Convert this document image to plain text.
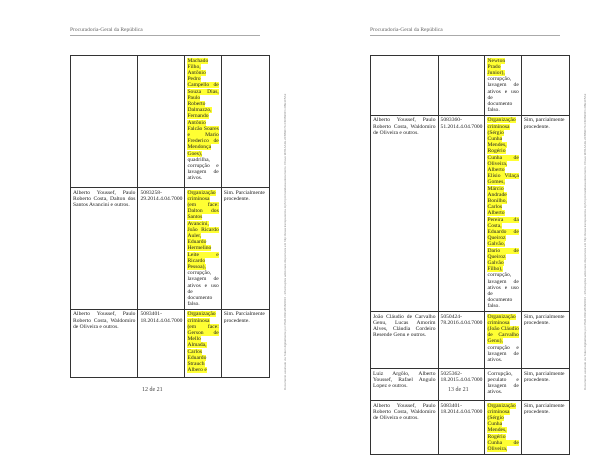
Procuradoria-Geral da República
		Machado Filho, Antônio Pedro Campello de Souza Dias, Paulo Roberto Dalmazzo, Fernando Antônio Falcão Soares e Mario Frederico de Mendonça Goes), quadrilha, corrupção e lavagem de ativos.	
Alberto Youssef, Paulo Roberto Costa, Dalton dos Santos Avancini e outros.	5083258-29.2014.4.04.7000	Organização criminosa (em face: Dalton dos Santos Avancini, João Ricardo Auler, Eduardo Hermelino Leite e Ricardo Pessoa), corrupção, lavagem de ativos e uso de documento falso.	Sim. Parcialmente procedente.
Alberto Youssef, Paulo Roberto Costa, Waldomiro de Oliveira e outros.	5083401-18.2014.4.04.7000	Organização criminosa (em face: Gerson de Mello Almada, Carlos Eduardo Strauch Albero e	Sim. Parcialmente procedente.	Documento assinado via Token digitalmente por PGR-00312838/2016 - Informações adicionais disponíveis em http://www.transparencia.mpf.mp.br/validacaodocumento. Chave 9F81AA1E.2C8B2F7A.C4DB26C1.D8E1F5A3
12 de 21
Procuradoria-Geral da República
		Newton Prado Junior), corrupção, lavagem de ativos e uso de documento falso.	
Alberto Youssef, Paulo Roberto Costa, Waldomiro de Oliveira e outros.	5083360-51.2014.4.04.7000	Organização criminosa (Sérgio Cunha Mendes, Rogério Cunha de Oliveira, Alberto Elísio Vilaça Gomes, Márcio Andrade Bonilho, Carlos Alberto Pereira da Costa, Eduardo de Queiroz Galvão, Dario de Queiroz Galvão Filho), corrupção, lavagem de ativos e uso de documento falso.	Sim, parcialmente procedente.
João Cláudio de Carvalho Genu, Lucas Amorim Alves, Cláudia Cordeiro Resende Genu e outros.	5050424-78.2016.4.04.7000	Organização criminosa (João Cláudio de Carvalho Genu), corrupção e lavagem de ativos.	Sim, parcialmente procedente.
Luiz Argôlo, Alberto Youssef, Rafael Angulo Lopez e outros.	5025362-18.2015.4.04.7000	Corrupção, peculato e lavagem de ativos.	Sim, parcialmente procedente.
Alberto Youssef, Paulo Roberto Costa, Waldomiro de Oliveira e outros.	5083401-18.2014.4.04.7000	Organização criminosa (Sérgio Cunha Mendes, Rogério Cunha de Oliveira,	Sim, parcialmente procedente.
Documento assinado via Token digitalmente por PGR-00312838/2016 - Informações adicionais disponíveis em http://www.transparencia.mpf.mp.br/validacaodocumento. Chave 9F81AA1E.2C8B2F7A.C4DB26C1.D8E1F5A3
13 de 21
